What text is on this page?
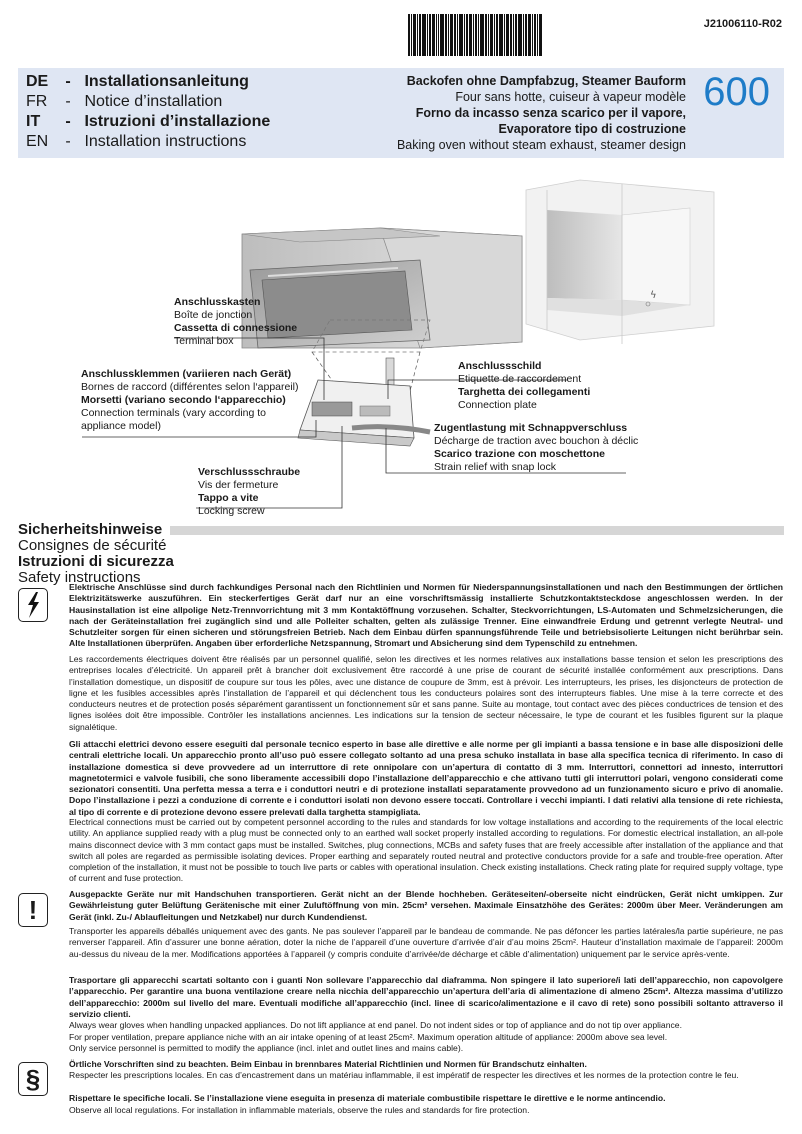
J21006110-R02
DE - Installationsanleitung
FR - Notice d’installation
IT - Istruzioni d’installazione
EN - Installation instructions
Backofen ohne Dampfabzug, Steamer Bauform
Four sans hotte, cuiseur à vapeur modèle
Forno da incasso senza scarico per il vapore,
Evaporatore tipo di costruzione
Baking oven without steam exhaust, steamer design
600
ϟ
Anschlusskasten
Boîte de jonction
Cassetta di connessione
Terminal box
Anschlussklemmen (variieren nach Gerät)
Bornes de raccord (différentes selon l‘appareil)
Morsetti (variano secondo l‘apparecchio)
Connection terminals (vary according to
appliance model)
Anschlussschild
Etiquette de raccordement
Targhetta dei collegamenti
Connection plate
Zugentlastung mit Schnappverschluss
Décharge de traction avec bouchon à déclic
Scarico trazione con moschettone
Strain relief with snap lock
Verschlussschraube
Vis der fermeture
Tappo a vite
Locking screw
Sicherheitshinweise
Consignes de sécurité
Istruzioni di sicurezza
Safety instructions
Elektrische Anschlüsse sind durch fachkundiges Personal nach den Richtlinien und Normen für Niederspannungsinstallationen und nach den Bestimmungen der örtlichen Elektrizitätswerke auszuführen. Ein steckerfertiges Gerät darf nur an eine vorschriftsmässig installierte Schutzkontaktsteckdose angeschlossen werden. In der Hausinstallation ist eine allpolige Netz-Trennvorrichtung mit 3 mm Kontaktöffnung vorzusehen. Schalter, Steckvorrichtungen, LS-Automaten und Schmelzsicherungen, die nach der Geräteinstallation frei zugänglich sind und alle Polleiter schalten, gelten als zulässige Trenner. Eine einwandfreie Erdung und getrennt verlegte Neutral- und Schutzleiter sorgen für einen sicheren und störungsfreien Betrieb. Nach dem Einbau dürfen spannungsführende Teile und betriebsisolierte Leitungen nicht berührbar sein. Alte Installationen überprüfen. Angaben über erforderliche Netzspannung, Stromart und Absicherung sind dem Typenschild zu entnehmen.
Les raccordements électriques doivent être réalisés par un personnel qualifié, selon les directives et les normes relatives aux installations basse tension et selon les prescriptions des entreprises locales d’électricité. Un appareil prêt à brancher doit exclusivement être raccordé à une prise de courant de sécurité installée conformément aux prescriptions. Dans l’installation domestique, un dispositif de coupure sur tous les pôles, avec une distance de coupure de 3mm, est à prévoir. Les interrupteurs, les prises, les disjoncteurs de protection de ligne et les fusibles accessibles après l’installation de l’appareil et qui déclenchent tous les conducteurs polaires sont des interrupteurs fiables. Une mise à la terre correcte et des conducteurs neutres et de protection posés séparément garantissent un fonctionnement sûr et sans panne. Suite au montage, tout contact avec des pièces conductrices de tension et des lignes isolées doit être impossible. Contrôler les installations anciennes. Les indications sur la tension de secteur nécessaire, le type de courant et les fusibles figurent sur la plaque signalétique.
Gli attacchi elettrici devono essere eseguiti dal personale tecnico esperto in base alle direttive e alle norme per gli impianti a bassa tensione e in base alle disposizioni delle centrali elettriche locali. Un apparecchio pronto all’uso può essere collegato soltanto ad una presa schuko installata in base alla specifica tecnica di riferimento. In caso di installazione domestica si deve provvedere ad un interruttore di rete onnipolare con un’apertura di contatto di 3 mm. Interruttori, connettori ad innesto, interruttori magnetotermici e valvole fusibili, che sono liberamente accessibili dopo l’installazione dell’apparecchio e che attivano tutti gli interruttori polari, vengono considerati come sezionatori consentiti. Una perfetta messa a terra e i conduttori neutri e di protezione installati separatamente provvedono ad un funzionamento sicuro e privo di anomalie. Dopo l’installazione i pezzi a conduzione di corrente e i conduttori isolati non devono essere toccati. Controllare i vecchi impianti. I dati relativi alla tensione di rete richiesta, al tipo di corrente e di protezione devono essere prelevati dalla targhetta stampigliata.
Electrical connections must be carried out by competent personnel according to the rules and standards for low voltage installations and according to the requirements of the local electric utility. An appliance supplied ready with a plug must be connected only to an earthed wall socket properly installed according to regulations. For domestic electrical installation, an all-pole mains disconnect device with 3 mm contact gaps must be installed. Switches, plug connections, MCBs and safety fuses that are freely accessible after installation of the appliance and that switch all poles are regarded as permissible isolating devices. Proper earthing and separately routed neutral and protective conductors provide for a safe and trouble-free operation. After completion of the installation, it must not be possible to touch live parts or cables with operational insulation. Check existing installations. Check rating plate for required supply voltage, type of current and fuse protection.
!
Ausgepackte Geräte nur mit Handschuhen transportieren. Gerät nicht an der Blende hochheben. Geräteseiten/-oberseite nicht eindrücken, Gerät nicht umkippen. Zur Gewährleistung guter Belüftung Gerätenische mit einer Zuluftöffnung von min. 25cm² versehen. Maximale Einsatzhöhe des Gerätes: 2000m über Meer. Veränderungen am Gerät (inkl. Zu-/ Ablaufleitungen und Netzkabel) nur durch Kundendienst.
Transporter les appareils déballés uniquement avec des gants. Ne pas soulever l’appareil par le bandeau de commande. Ne pas défoncer les parties latérales/la partie supérieure, ne pas renverser l’appareil. Afin d’assurer une bonne aération, doter la niche de l’appareil d’une ouverture d’arrivée d’air d’au moins 25cm². Hauteur d’installation maximale de l’appareil: 2000m au-dessus du niveau de la mer. Modifications apportées à l’appareil (y compris conduite d’arrivée/de décharge et câble d’alimentation) uniquement par le service après-vente.
Trasportare gli apparecchi scartati soltanto con i guanti Non sollevare l’apparecchio dal diaframma. Non spingere il lato superiore/i lati dell’apparecchio, non capovolgere l’apparecchio. Per garantire una buona ventilazione creare nella nicchia dell’apparecchio un’apertura dell’aria di alimentazione di almeno 25cm². Altezza massima d’utilizzo dell’apparecchio: 2000m sul livello del mare. Eventuali modifiche all’apparecchio (incl. linee di scarico/alimentazione e il cavo di rete) sono possibili soltanto attraverso il servizio clienti.
Always wear gloves when handling unpacked appliances. Do not lift appliance at end panel. Do not indent sides or top of appliance and do not tip over appliance.
For proper ventilation, prepare appliance niche with an air intake opening of at least 25cm². Maximum operation altitude of appliance: 2000m above sea level.
Only service personnel is permitted to modify the appliance (incl. inlet and outlet lines and mains cable).
§	Örtliche Vorschriften sind zu beachten. Beim Einbau in brennbares Material Richtlinien und Normen für Brandschutz einhalten.
Respecter les prescriptions locales. En cas d’encastrement dans un matériau inflammable, il est impératif de respecter les directives et les normes de la protection contre le feu.
Rispettare le specifiche locali. Se l’installazione viene eseguita in presenza di materiale combustibile rispettare le direttive e le norme antincendio.
Observe all local regulations. For installation in inflammable materials, observe the rules and standards for fire protection.
